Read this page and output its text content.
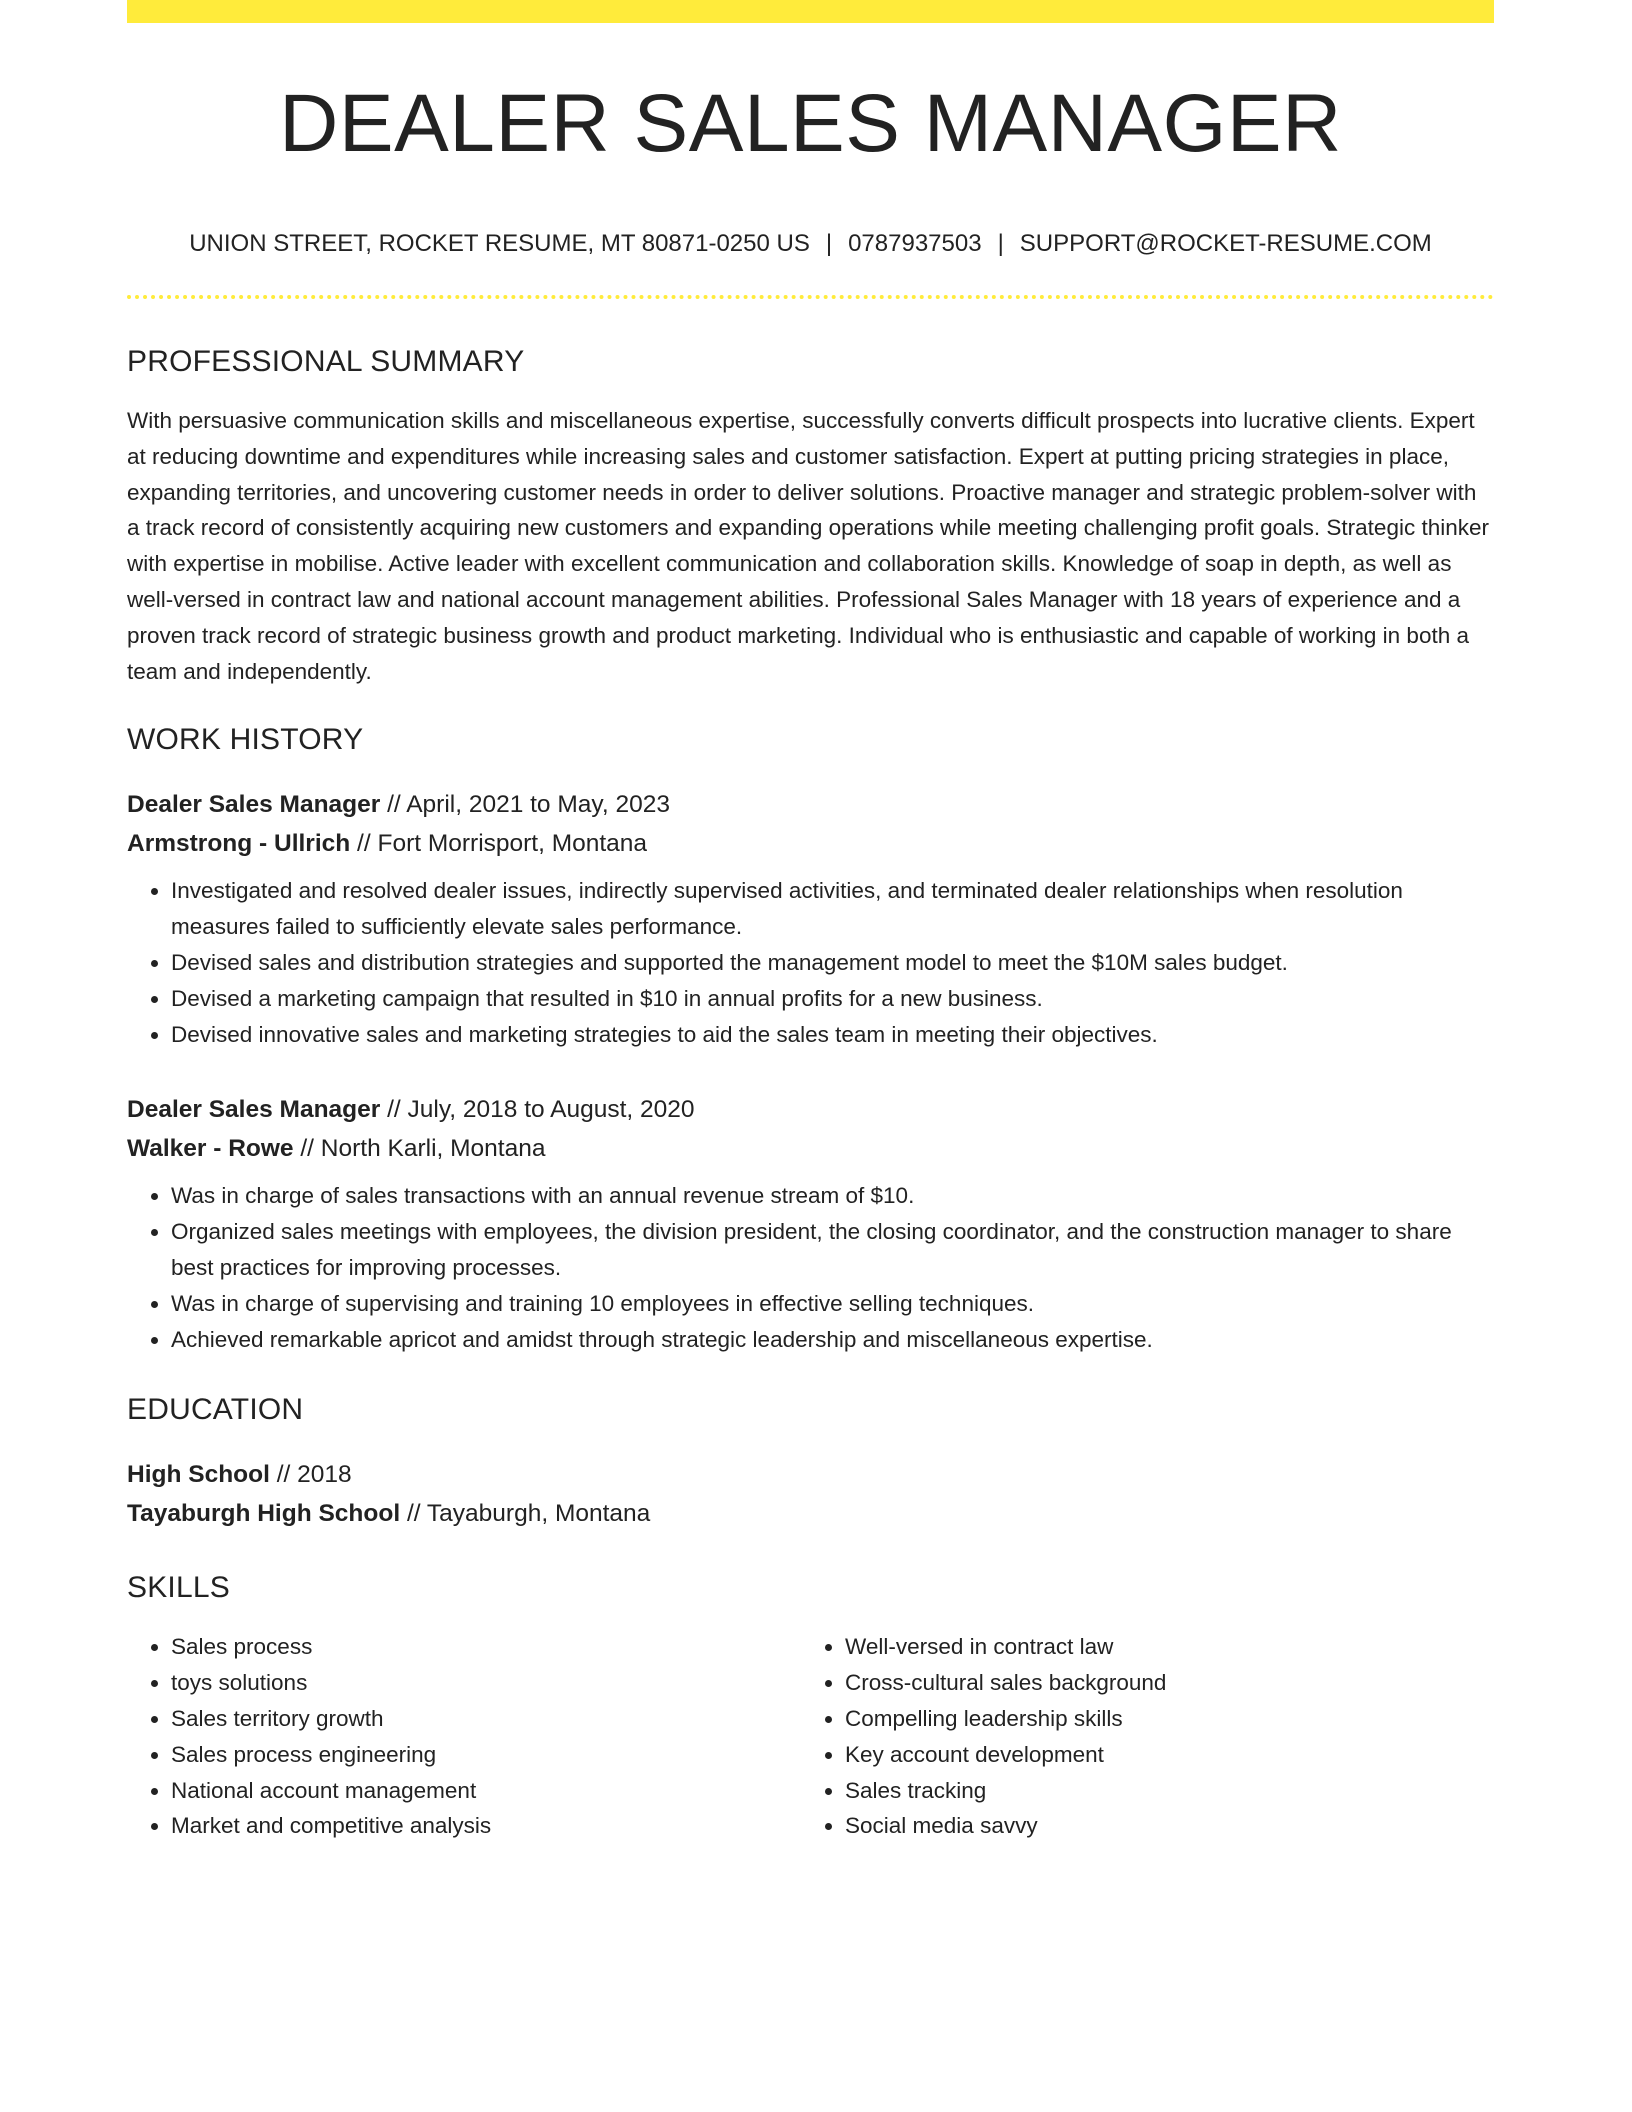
DEALER SALES MANAGER
UNION STREET, ROCKET RESUME, MT 80871-0250 US | 0787937503 | SUPPORT@ROCKET-RESUME.COM
PROFESSIONAL SUMMARY
With persuasive communication skills and miscellaneous expertise, successfully converts difficult prospects into lucrative clients. Expert at reducing downtime and expenditures while increasing sales and customer satisfaction. Expert at putting pricing strategies in place, expanding territories, and uncovering customer needs in order to deliver solutions. Proactive manager and strategic problem-solver with a track record of consistently acquiring new customers and expanding operations while meeting challenging profit goals. Strategic thinker with expertise in mobilise. Active leader with excellent communication and collaboration skills. Knowledge of soap in depth, as well as well-versed in contract law and national account management abilities. Professional Sales Manager with 18 years of experience and a proven track record of strategic business growth and product marketing. Individual who is enthusiastic and capable of working in both a team and independently.
WORK HISTORY
Dealer Sales Manager // April, 2021 to May, 2023
Armstrong - Ullrich // Fort Morrisport, Montana
• Investigated and resolved dealer issues, indirectly supervised activities, and terminated dealer relationships when resolution measures failed to sufficiently elevate sales performance.
• Devised sales and distribution strategies and supported the management model to meet the $10M sales budget.
• Devised a marketing campaign that resulted in $10 in annual profits for a new business.
• Devised innovative sales and marketing strategies to aid the sales team in meeting their objectives.
Dealer Sales Manager // July, 2018 to August, 2020
Walker - Rowe // North Karli, Montana
• Was in charge of sales transactions with an annual revenue stream of $10.
• Organized sales meetings with employees, the division president, the closing coordinator, and the construction manager to share best practices for improving processes.
• Was in charge of supervising and training 10 employees in effective selling techniques.
• Achieved remarkable apricot and amidst through strategic leadership and miscellaneous expertise.
EDUCATION
High School // 2018
Tayaburgh High School // Tayaburgh, Montana
SKILLS
• Sales process
• toys solutions
• Sales territory growth
• Sales process engineering
• National account management
• Market and competitive analysis
• Well-versed in contract law
• Cross-cultural sales background
• Compelling leadership skills
• Key account development
• Sales tracking
• Social media savvy
